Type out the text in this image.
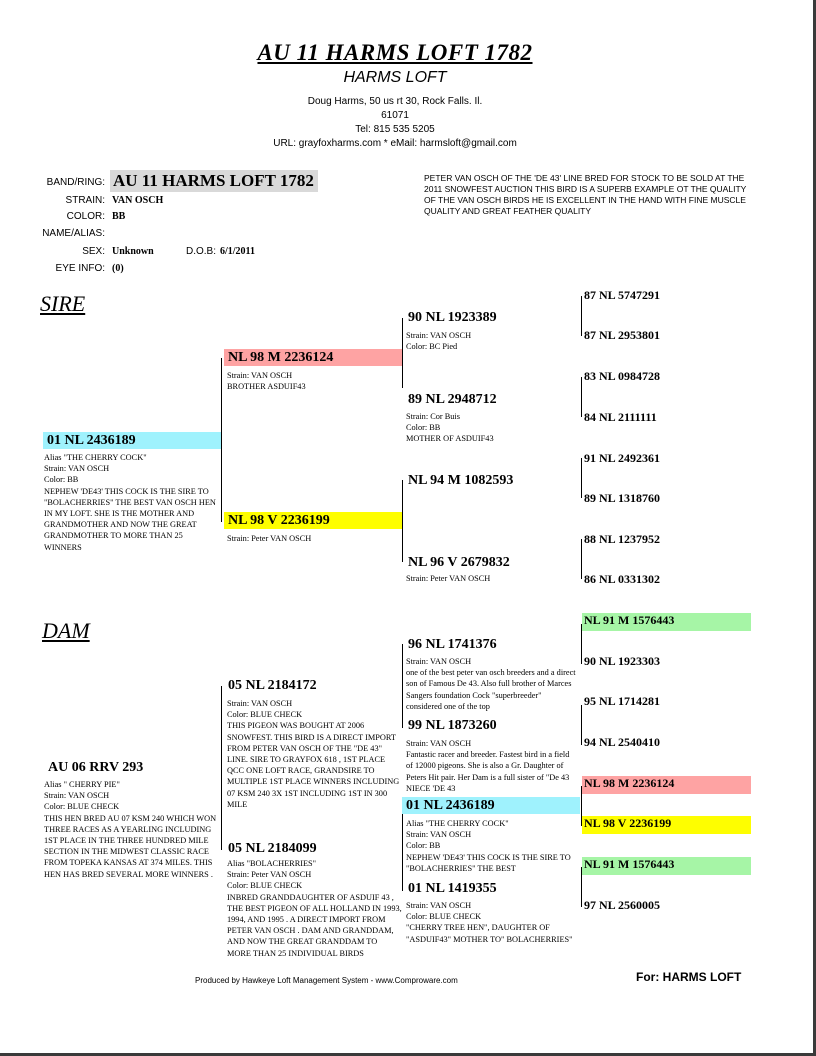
AU 11 HARMS LOFT 1782
HARMS LOFT
Doug Harms, 50 us rt 30, Rock Falls. Il.
61071
Tel: 815 535 5205
URL: grayfoxharms.com * eMail: harmsloft@gmail.com
BAND/RING: AU 11 HARMS LOFT 1782
STRAIN: VAN OSCH
COLOR: BB
NAME/ALIAS:
SEX: Unknown	D.O.B: 6/1/2011
EYE INFO: (0)
PETER VAN OSCH OF THE 'DE 43' LINE BRED FOR STOCK TO BE SOLD AT THE 2011 SNOWFEST AUCTION THIS BIRD IS A SUPERB EXAMPLE OT THE QUALITY OF THE VAN OSCH BIRDS HE IS EXCELLENT IN THE HAND WITH FINE MUSCLE QUALITY AND GREAT FEATHER QUALITY
SIRE
DAM
01 NL 2436189
Alias "THE CHERRY COCK"
Strain: VAN OSCH
Color: BB
NEPHEW 'DE43' THIS COCK IS THE SIRE TO "BOLACHERRIES" THE BEST VAN OSCH HEN IN MY LOFT. SHE IS THE MOTHER AND GRANDMOTHER AND NOW THE GREAT GRANDMOTHER TO MORE THAN 25 WINNERS
NL 98 M 2236124
Strain: VAN OSCH
BROTHER ASDUIF43
NL 98 V 2236199
Strain: Peter VAN OSCH
90 NL 1923389
Strain: VAN OSCH
Color: BC Pied
89 NL 2948712
Strain: Cor Buis
Color: BB
MOTHER OF ASDUIF43
NL 94 M 1082593
NL 96 V 2679832
Strain: Peter VAN OSCH
87 NL 5747291
87 NL 2953801
83 NL 0984728
84 NL 2111111
91 NL 2492361
89 NL 1318760
88 NL 1237952
86 NL 0331302
AU 06 RRV 293
Alias " CHERRY PIE"
Strain: VAN OSCH
Color: BLUE CHECK
THIS HEN BRED AU 07 KSM 240 WHICH WON THREE RACES AS A YEARLING INCLUDING 1ST PLACE IN THE THREE HUNDRED MILE SECTION IN THE MIDWEST CLASSIC RACE FROM TOPEKA KANSAS AT 374 MILES. THIS HEN HAS BRED SEVERAL MORE WINNERS .
05 NL 2184172
Strain: VAN OSCH
Color: BLUE CHECK
THIS PIGEON WAS BOUGHT AT 2006 SNOWFEST. THIS BIRD IS A DIRECT IMPORT FROM PETER VAN OSCH OF THE "DE 43" LINE. SIRE TO GRAYFOX 618 , 1ST PLACE QCC ONE LOFT RACE, GRANDSIRE TO MULTIPLE 1ST PLACE WINNERS INCLUDING 07 KSM 240 3X 1ST INCLUDING 1ST IN 300 MILE
05 NL 2184099
Alias "BOLACHERRIES"
Strain: Peter VAN OSCH
Color: BLUE CHECK
INBRED GRANDDAUGHTER OF ASDUIF 43 , THE BEST PIGEON OF ALL HOLLAND IN 1993, 1994, AND 1995 . A DIRECT IMPORT FROM PETER VAN OSCH . DAM AND GRANDDAM, AND NOW THE GREAT GRANDDAM TO MORE THAN 25 INDIVIDUAL BIRDS
96 NL 1741376
Strain: VAN OSCH
one of the best peter van osch breeders and a direct son of Famous De 43. Also full brother of Marces Sangers foundation Cock "superbreeder" considered one of the top
99 NL 1873260
Strain: VAN OSCH
Fantastic racer and breeder. Fastest bird in a field of 12000 pigeons. She is also a Gr. Daughter of Peters Hit pair. Her Dam is a full sister of "De 43 NIECE 'DE 43
01 NL 2436189
Alias "THE CHERRY COCK"
Strain: VAN OSCH
Color: BB
NEPHEW 'DE43' THIS COCK IS THE SIRE TO "BOLACHERRIES" THE BEST
01 NL 1419355
Strain: VAN OSCH
Color: BLUE CHECK
"CHERRY TREE HEN", DAUGHTER OF "ASDUIF43" MOTHER TO" BOLACHERRIES"
NL 91 M 1576443
90 NL 1923303
95 NL 1714281
94 NL 2540410
NL 98 M 2236124
NL 98 V 2236199
NL 91 M 1576443
97 NL 2560005
Produced by Hawkeye Loft Management System - www.Comproware.com	For: HARMS LOFT
